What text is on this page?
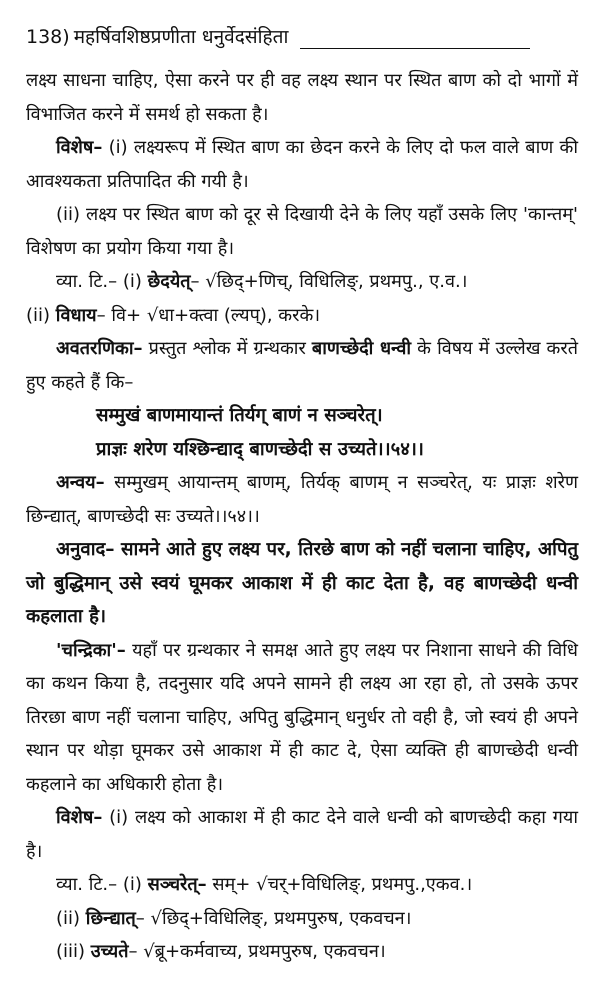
138) महर्षिवशिष्ठप्रणीता धनुर्वेदसंहिता

लक्ष्य साधना चाहिए, ऐसा करने पर ही वह लक्ष्य स्थान पर स्थित बाण को दो भागों में विभाजित करने में समर्थ हो सकता है।

विशेष– (i) लक्ष्यरूप में स्थित बाण का छेदन करने के लिए दो फल वाले बाण की आवश्यकता प्रतिपादित की गयी है।

(ii) लक्ष्य पर स्थित बाण को दूर से दिखायी देने के लिए यहाँ उसके लिए 'कान्तम्' विशेषण का प्रयोग किया गया है।

व्या. टि.– (i) छेदयेत्– √छिद्+णिच्, विधिलिङ्, प्रथमपु., ए.व.।

(ii) विधाय– वि+ √धा+क्त्वा (ल्यप्), करके।

अवतरणिका– प्रस्तुत श्लोक में ग्रन्थकार बाणच्छेदी धन्वी के विषय में उल्लेख करते हुए कहते हैं कि–

सम्मुखं बाणमायान्तं तिर्यग् बाणं न सञ्चरेत्।

प्राज्ञः शरेण यश्छिन्द्याद् बाणच्छेदी स उच्यते।।५४।।

अन्वय– सम्मुखम् आयान्तम् बाणम्, तिर्यक् बाणम् न सञ्चरेत्, यः प्राज्ञः शरेण छिन्द्यात्, बाणच्छेदी सः उच्यते।।५४।।

अनुवाद– सामने आते हुए लक्ष्य पर, तिरछे बाण को नहीं चलाना चाहिए, अपितु जो बुद्धिमान् उसे स्वयं घूमकर आकाश में ही काट देता है, वह बाणच्छेदी धन्वी कहलाता है।

'चन्द्रिका'– यहाँ पर ग्रन्थकार ने समक्ष आते हुए लक्ष्य पर निशाना साधने की विधि का कथन किया है, तदनुसार यदि अपने सामने ही लक्ष्य आ रहा हो, तो उसके ऊपर तिरछा बाण नहीं चलाना चाहिए, अपितु बुद्धिमान् धनुर्धर तो वही है, जो स्वयं ही अपने स्थान पर थोड़ा घूमकर उसे आकाश में ही काट दे, ऐसा व्यक्ति ही बाणच्छेदी धन्वी कहलाने का अधिकारी होता है।

विशेष– (i) लक्ष्य को आकाश में ही काट देने वाले धन्वी को बाणच्छेदी कहा गया है।

व्या. टि.– (i) सञ्चरेत्– सम्+ √चर्+विधिलिङ्, प्रथमपु.,एकव.।

(ii) छिन्द्यात्– √छिद्+विधिलिङ्, प्रथमपुरुष, एकवचन।

(iii) उच्यते– √ब्रू+कर्मवाच्य, प्रथमपुरुष, एकवचन।
